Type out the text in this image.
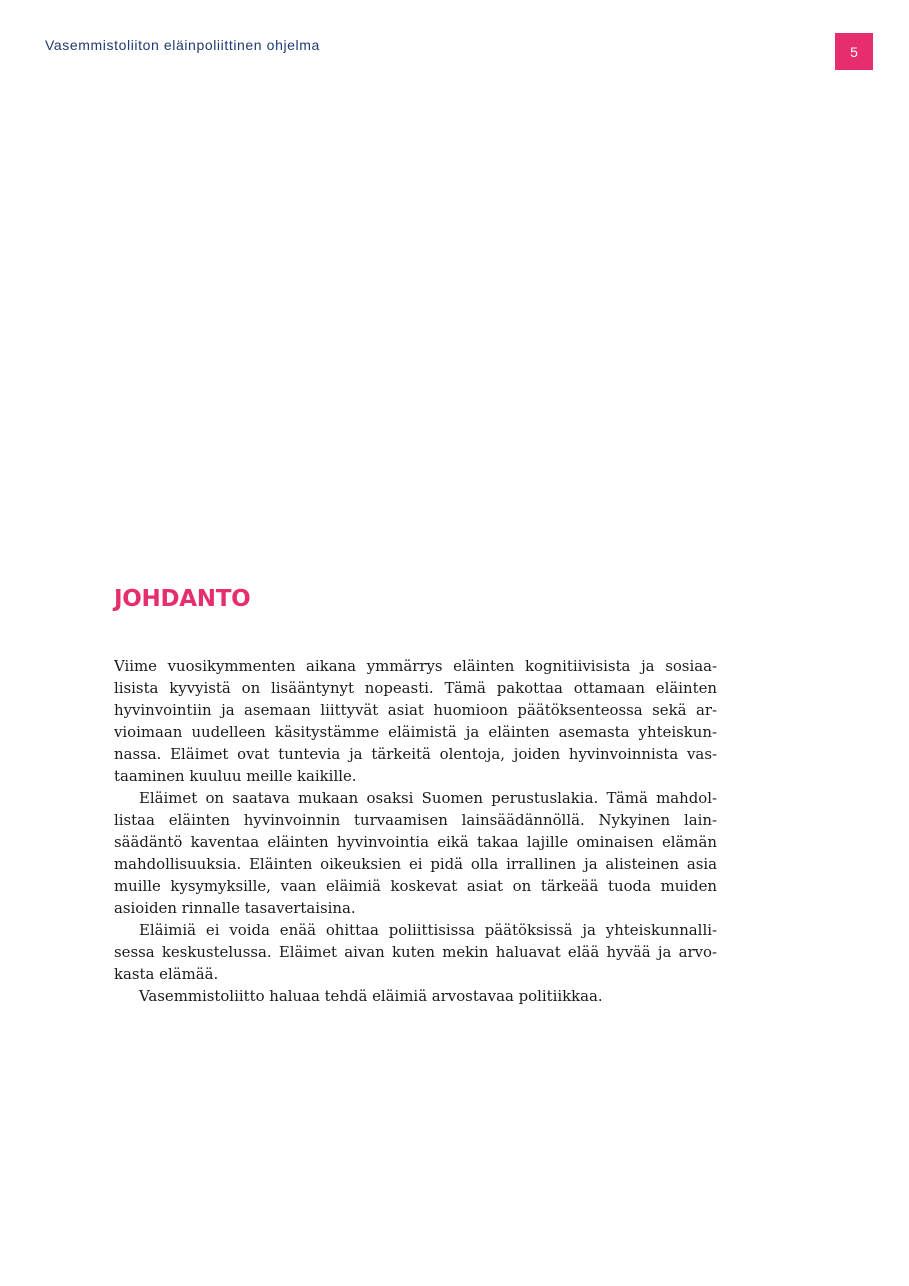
Vasemmistoliiton eläinpoliittinen ohjelma	5
JOHDANTO
Viime vuosikymmenten aikana ymmärrys eläinten kognitiivisista ja sosiaa-
lisista kyvyistä on lisääntynyt nopeasti. Tämä pakottaa ottamaan eläinten
hyvinvointiin ja asemaan liittyvät asiat huomioon päätöksenteossa sekä ar-
vioimaan uudelleen käsitystämme eläimistä ja eläinten asemasta yhteiskun-
nassa. Eläimet ovat tuntevia ja tärkeitä olentoja, joiden hyvinvoinnista vas-
taaminen kuuluu meille kaikille.
Eläimet on saatava mukaan osaksi Suomen perustuslakia. Tämä mahdol-
listaa eläinten hyvinvoinnin turvaamisen lainsäädännöllä. Nykyinen lain-
säädäntö kaventaa eläinten hyvinvointia eikä takaa lajille ominaisen elämän
mahdollisuuksia. Eläinten oikeuksien ei pidä olla irrallinen ja alisteinen asia
muille kysymyksille, vaan eläimiä koskevat asiat on tärkeää tuoda muiden
asioiden rinnalle tasavertaisina.
Eläimiä ei voida enää ohittaa poliittisissa päätöksissä ja yhteiskunnalli-
sessa keskustelussa. Eläimet aivan kuten mekin haluavat elää hyvää ja arvo-
kasta elämää.
Vasemmistoliitto haluaa tehdä eläimiä arvostavaa politiikkaa.
